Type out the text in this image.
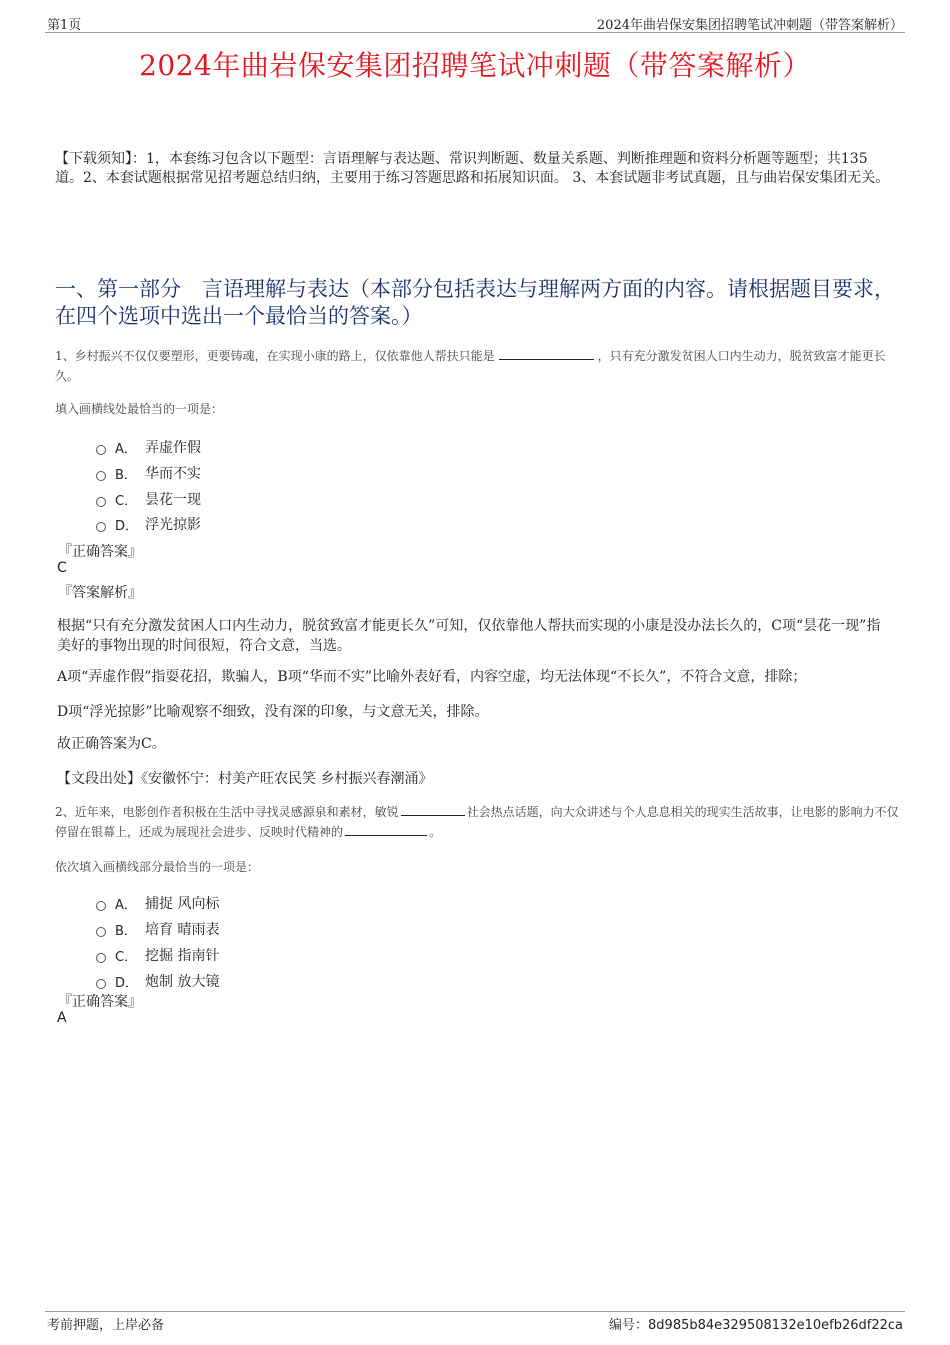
第1页	2024年曲岩保安集团招聘笔试冲刺题（带答案解析）
2024年曲岩保安集团招聘笔试冲刺题（带答案解析）
【下载须知】：1，本套练习包含以下题型：言语理解与表达题、常识判断题、数量关系题、判断推理题和资料分析题等题型；共135道。2、本套试题根据常见招考题总结归纳，主要用于练习答题思路和拓展知识面。 3、本套试题非考试真题，且与曲岩保安集团无关。
一、第一部分　言语理解与表达（本部分包括表达与理解两方面的内容。请根据题目要求，在四个选项中选出一个最恰当的答案。）
1、乡村振兴不仅仅要塑形，更要铸魂，在实现小康的路上，仅依靠他人帮扶只能是	，只有充分激发贫困人口内生动力，脱贫致富才能更长久。
填入画横线处最恰当的一项是：
A． 弄虚作假
B． 华而不实
C． 昙花一现
D． 浮光掠影
『正确答案』
C
『答案解析』
根据“只有充分激发贫困人口内生动力，脱贫致富才能更长久”可知，仅依靠他人帮扶而实现的小康是没办法长久的，C项“昙花一现”指美好的事物出现的时间很短，符合文意，当选。
A项“弄虚作假”指耍花招，欺骗人，B项“华而不实”比喻外表好看，内容空虚，均无法体现“不长久”，不符合文意，排除；
D项“浮光掠影”比喻观察不细致，没有深的印象，与文意无关，排除。
故正确答案为C。
【文段出处】《安徽怀宁：村美产旺农民笑 乡村振兴春潮涌》
2、近年来，电影创作者积极在生活中寻找灵感源泉和素材，敏锐	社会热点话题，向大众讲述与个人息息相关的现实生活故事，让电影的影响力不仅停留在银幕上，还成为展现社会进步、反映时代精神的	。
依次填入画横线部分最恰当的一项是：
A． 捕捉 风向标
B． 培育 晴雨表
C． 挖掘 指南针
D． 炮制 放大镜
『正确答案』
A
考前押题，上岸必备	编号：8d985b84e329508132e10efb26df22ca
